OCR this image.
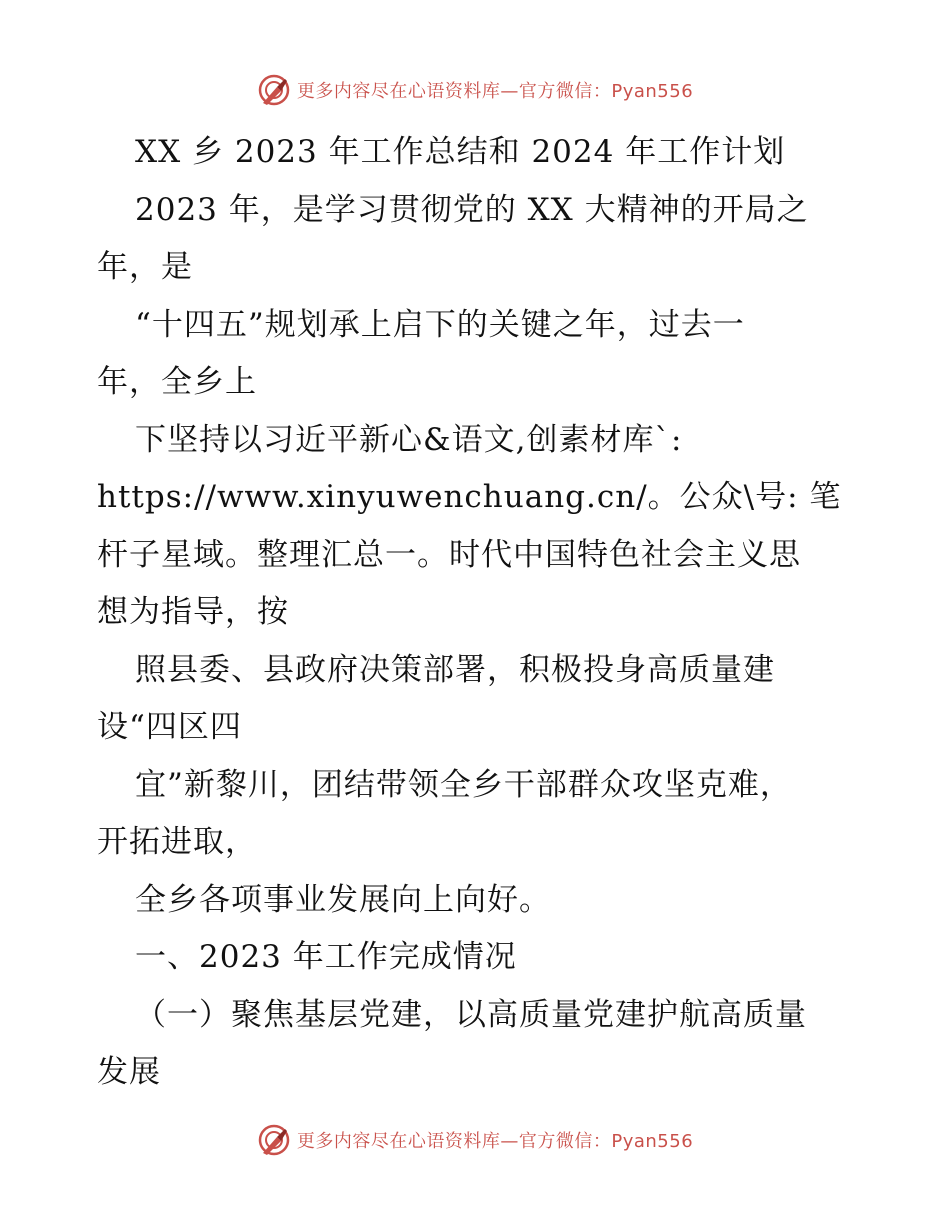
更多内容尽在心语资料库—官方微信：Pyan556
XX 乡 2023 年工作总结和 2024 年工作计划
2023 年，是学习贯彻党的 XX 大精神的开局之
年，是
“十四五”规划承上启下的关键之年，过去一
年，全乡上
下坚持以习近平新心&语文,创素材库`:
https://www.xinyuwenchuang.cn/。公众\号: 笔
杆子星域。整理汇总一。时代中国特色社会主义思
想为指导，按
照县委、县政府决策部署，积极投身高质量建
设“四区四
宜”新黎川，团结带领全乡干部群众攻坚克难，
开拓进取，
全乡各项事业发展向上向好。
一、2023 年工作完成情况
（一）聚焦基层党建，以高质量党建护航高质量
发展
更多内容尽在心语资料库—官方微信：Pyan556
